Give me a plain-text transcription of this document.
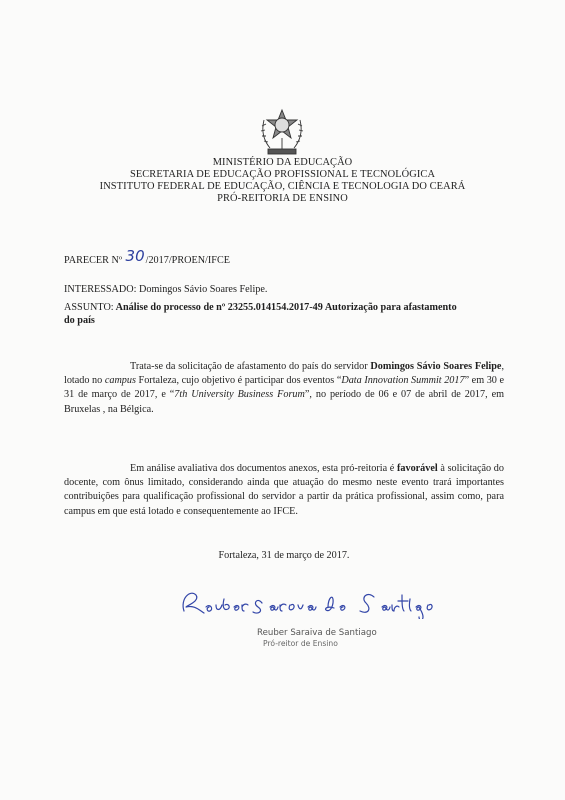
MINISTÉRIO DA EDUCAÇÃO
SECRETARIA DE EDUCAÇÃO PROFISSIONAL E TECNOLÓGICA
INSTITUTO FEDERAL DE EDUCAÇÃO, CIÊNCIA E TECNOLOGIA DO CEARÁ
PRÓ-REITORIA DE ENSINO
PARECER Nº 30/2017/PROEN/IFCE
INTERESSADO: Domingos Sávio Soares Felipe.
ASSUNTO: Análise do processo de nº 23255.014154.2017-49 Autorização para afastamento
do país
Trata-se da solicitação de afastamento do país do servidor Domingos Sávio Soares Felipe, lotado no campus Fortaleza, cujo objetivo é participar dos eventos “Data Innovation Summit 2017” em 30 e 31 de março de 2017, e “7th University Business Forum”, no período de 06 e 07 de abril de 2017, em Bruxelas , na Bélgica.
Em análise avaliativa dos documentos anexos, esta pró-reitoria é favorável à solicitação do docente, com ônus limitado, considerando ainda que atuação do mesmo neste evento trará importantes contribuições para qualificação profissional do servidor a partir da prática profissional, assim como, para campus em que está lotado e consequentemente ao IFCE.
Fortaleza, 31 de março de 2017.
Reuber Saraiva de Santiago
Pró-reitor de Ensino
